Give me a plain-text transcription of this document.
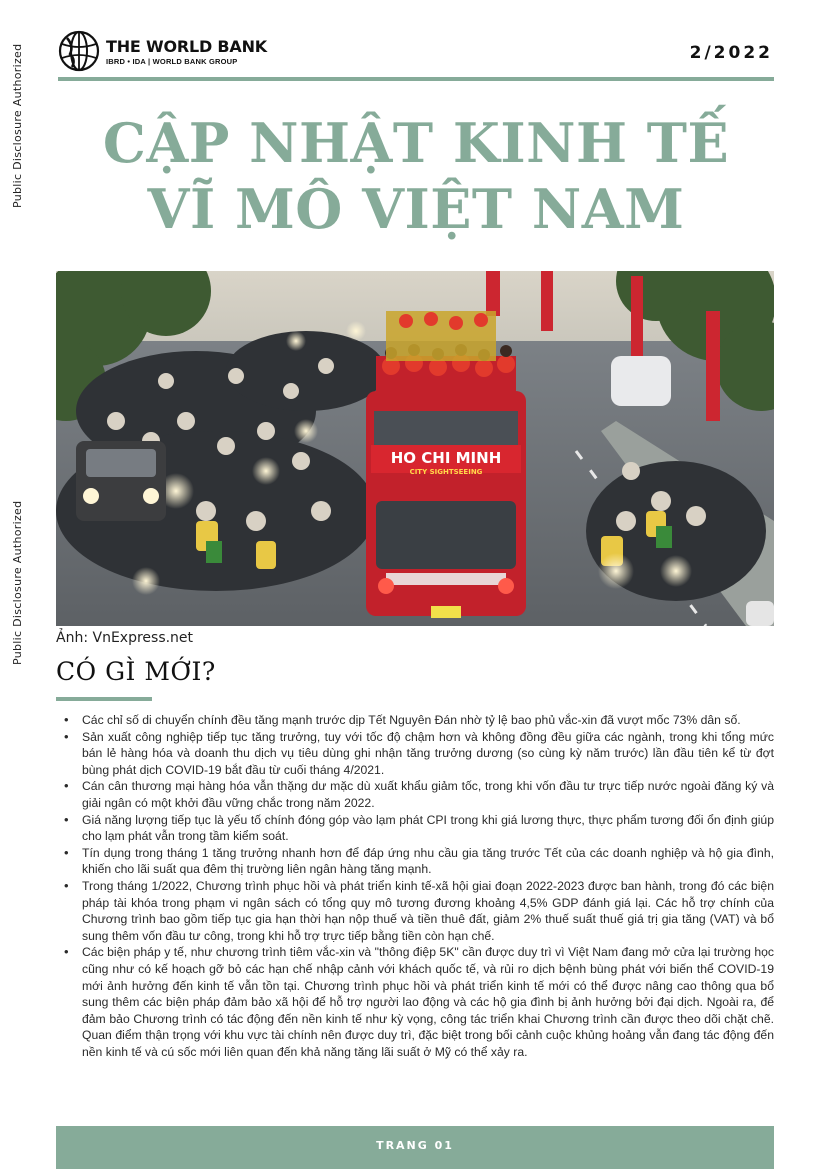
Public Disclosure Authorized
Public Disclosure Authorized
THE WORLD BANK
IBRD • IDA | WORLD BANK GROUP	2/2022
CẬP NHẬT KINH TẾ
VĨ MÔ VIỆT NAM
HO CHI MINH
CITY SIGHTSEEING
Ảnh: VnExpress.net
CÓ GÌ MỚI?
• Các chỉ số di chuyển chính đều tăng mạnh trước dịp Tết Nguyên Đán nhờ tỷ lệ bao phủ vắc-xin đã vượt mốc 73% dân số.
• Sản xuất công nghiệp tiếp tục tăng trưởng, tuy với tốc độ chậm hơn và không đồng đều giữa các ngành, trong khi tổng mức bán lẻ hàng hóa và doanh thu dịch vụ tiêu dùng ghi nhận tăng trưởng dương (so cùng kỳ năm trước) lần đầu tiên kể từ đợt bùng phát dịch COVID-19 bắt đầu từ cuối tháng 4/2021.
• Cán cân thương mại hàng hóa vẫn thặng dư mặc dù xuất khẩu giảm tốc, trong khi vốn đầu tư trực tiếp nước ngoài đăng ký và giải ngân có một khởi đầu vững chắc trong năm 2022.
• Giá năng lượng tiếp tục là yếu tố chính đóng góp vào lạm phát CPI trong khi giá lương thực, thực phẩm tương đối ổn định giúp cho lạm phát vẫn trong tầm kiểm soát.
• Tín dụng trong tháng 1 tăng trưởng nhanh hơn để đáp ứng nhu cầu gia tăng trước Tết của các doanh nghiệp và hộ gia đình, khiến cho lãi suất qua đêm thị trường liên ngân hàng tăng mạnh.
• Trong tháng 1/2022, Chương trình phục hồi và phát triển kinh tế-xã hội giai đoạn 2022-2023 được ban hành, trong đó các biện pháp tài khóa trong phạm vi ngân sách có tổng quy mô tương đương khoảng 4,5% GDP đánh giá lại. Các hỗ trợ chính của Chương trình bao gồm tiếp tục gia hạn thời hạn nộp thuế và tiền thuê đất, giảm 2% thuế suất thuế giá trị gia tăng (VAT) và bổ sung thêm vốn đầu tư công, trong khi hỗ trợ trực tiếp bằng tiền còn hạn chế.
• Các biện pháp y tế, như chương trình tiêm vắc-xin và "thông điệp 5K" cần được duy trì vì Việt Nam đang mở cửa lại trường học cũng như có kế hoạch gỡ bỏ các hạn chế nhập cảnh với khách quốc tế, và rủi ro dịch bệnh bùng phát với biến thể COVID-19 mới ảnh hưởng đến kinh tế vẫn tồn tại. Chương trình phục hồi và phát triển kinh tế mới có thể được nâng cao thông qua bổ sung thêm các biện pháp đảm bảo xã hội để hỗ trợ người lao động và các hộ gia đình bị ảnh hưởng bởi đại dịch. Ngoài ra, để đảm bảo Chương trình có tác động đến nền kinh tế như kỳ vọng, công tác triển khai Chương trình cần được theo dõi chặt chẽ. Quan điểm thận trọng với khu vực tài chính nên được duy trì, đặc biệt trong bối cảnh cuộc khủng hoảng vẫn đang tác động đến nền kinh tế và cú sốc mới liên quan đến khả năng tăng lãi suất ở Mỹ có thể xảy ra.
TRANG 01
